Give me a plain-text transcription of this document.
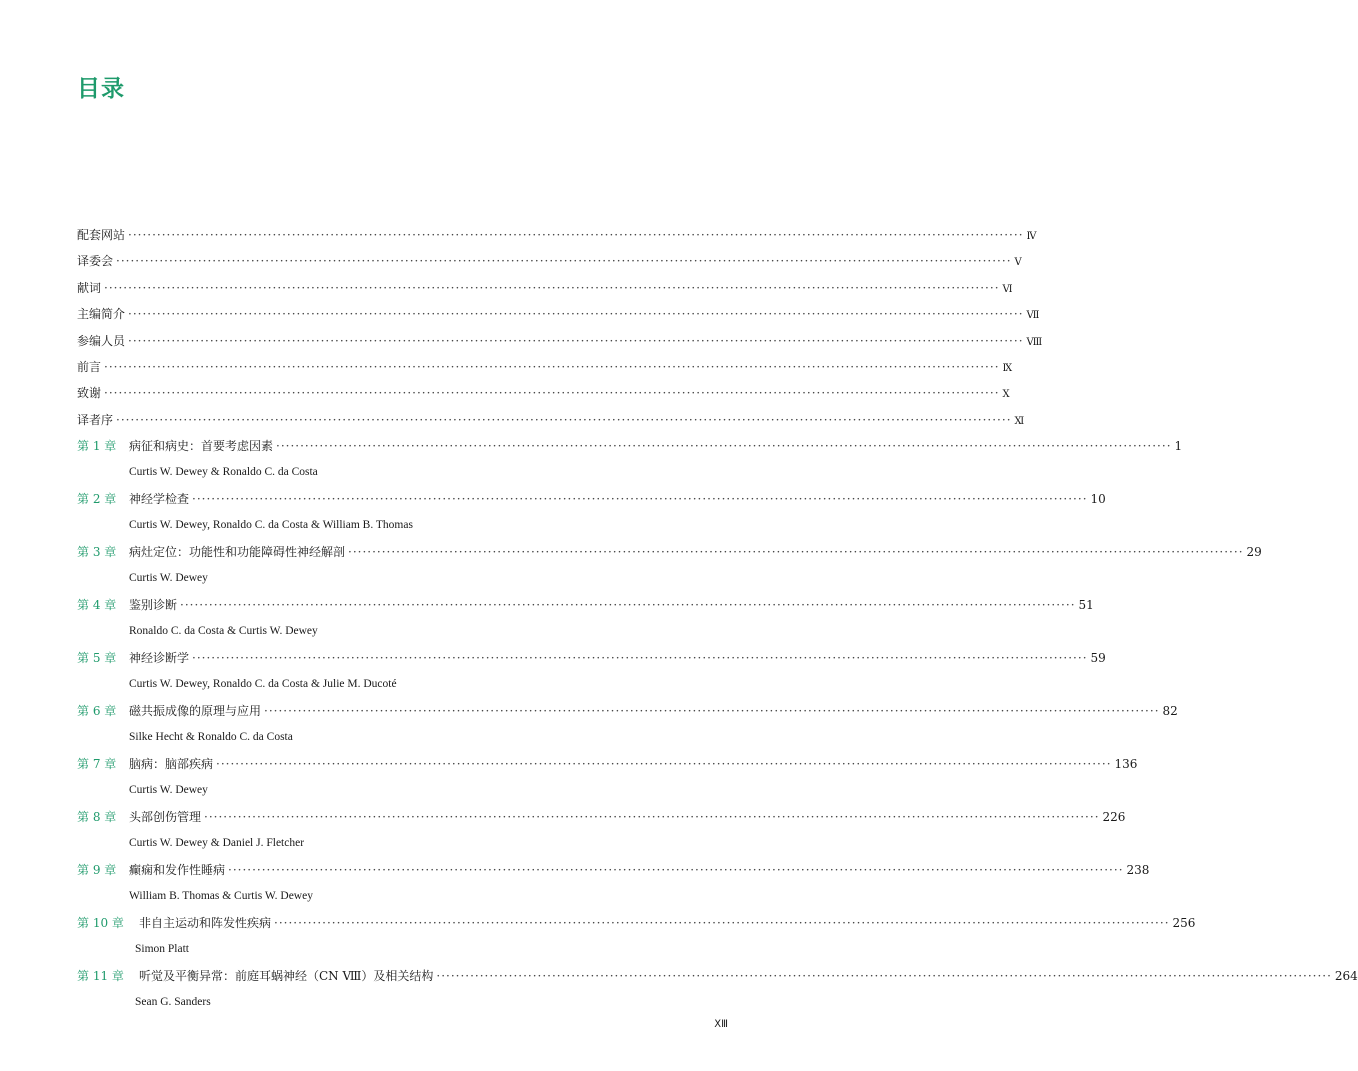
目录
配套网站 ·························································································································································································· Ⅳ
译委会 ·························································································································································································· Ⅴ
献词 ·························································································································································································· Ⅵ
主编简介 ·························································································································································································· Ⅶ
参编人员 ·························································································································································································· Ⅷ
前言 ·························································································································································································· Ⅸ
致谢 ·························································································································································································· Ⅹ
译者序 ·························································································································································································· Ⅺ
第 1 章	病征和病史：首要考虑因素 ·························································································································································································· 1
Curtis W. Dewey & Ronaldo C. da Costa
第 2 章	神经学检查 ·························································································································································································· 10
Curtis W. Dewey, Ronaldo C. da Costa & William B. Thomas
第 3 章	病灶定位：功能性和功能障碍性神经解剖 ·························································································································································································· 29
Curtis W. Dewey
第 4 章	鉴别诊断 ·························································································································································································· 51
Ronaldo C. da Costa & Curtis W. Dewey
第 5 章	神经诊断学 ·························································································································································································· 59
Curtis W. Dewey, Ronaldo C. da Costa & Julie M. Ducoté
第 6 章	磁共振成像的原理与应用 ·························································································································································································· 82
Silke Hecht & Ronaldo C. da Costa
第 7 章	脑病：脑部疾病 ·························································································································································································· 136
Curtis W. Dewey
第 8 章	头部创伤管理 ·························································································································································································· 226
Curtis W. Dewey & Daniel J. Fletcher
第 9 章	癫痫和发作性睡病 ·························································································································································································· 238
William B. Thomas & Curtis W. Dewey
第 10 章	非自主运动和阵发性疾病 ·························································································································································································· 256
Simon Platt
第 11 章	听觉及平衡异常：前庭耳蜗神经（CN Ⅷ）及相关结构 ·························································································································································································· 264
Sean G. Sanders
ⅩⅢ
